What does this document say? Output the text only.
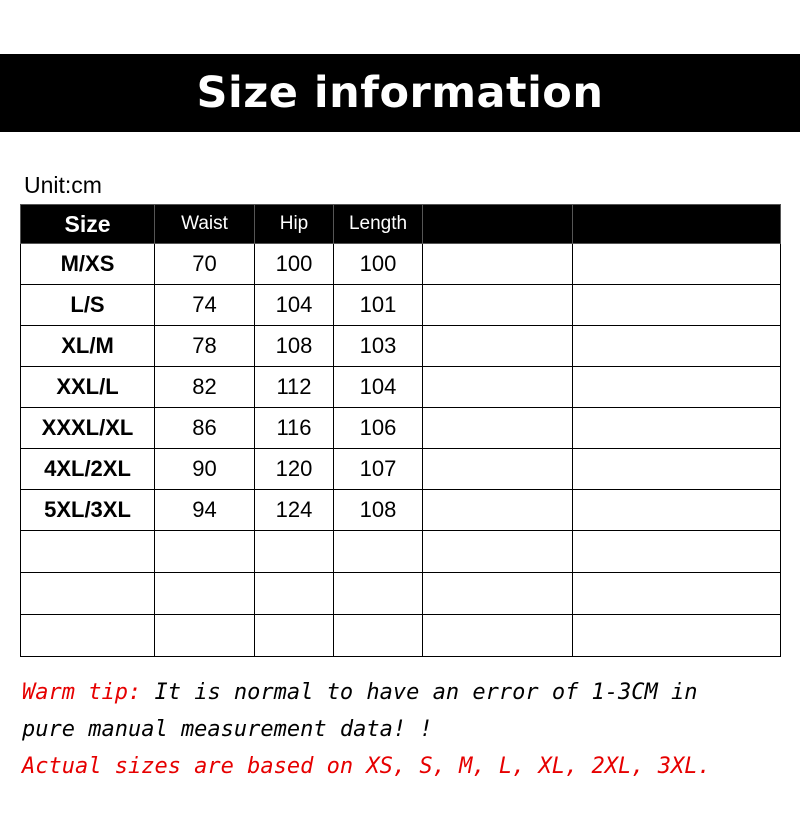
Size information
Unit:cm
Size	Waist	Hip	Length		
M/XS	70	100	100		
L/S	74	104	101		
XL/M	78	108	103		
XXL/L	82	112	104		
XXXL/XL	86	116	106		
4XL/2XL	90	120	107		
5XL/3XL	94	124	108		

Warm tip: It is normal to have an error of 1-3CM in
pure manual measurement data! !
Actual sizes are based on XS, S, M, L, XL, 2XL, 3XL.
